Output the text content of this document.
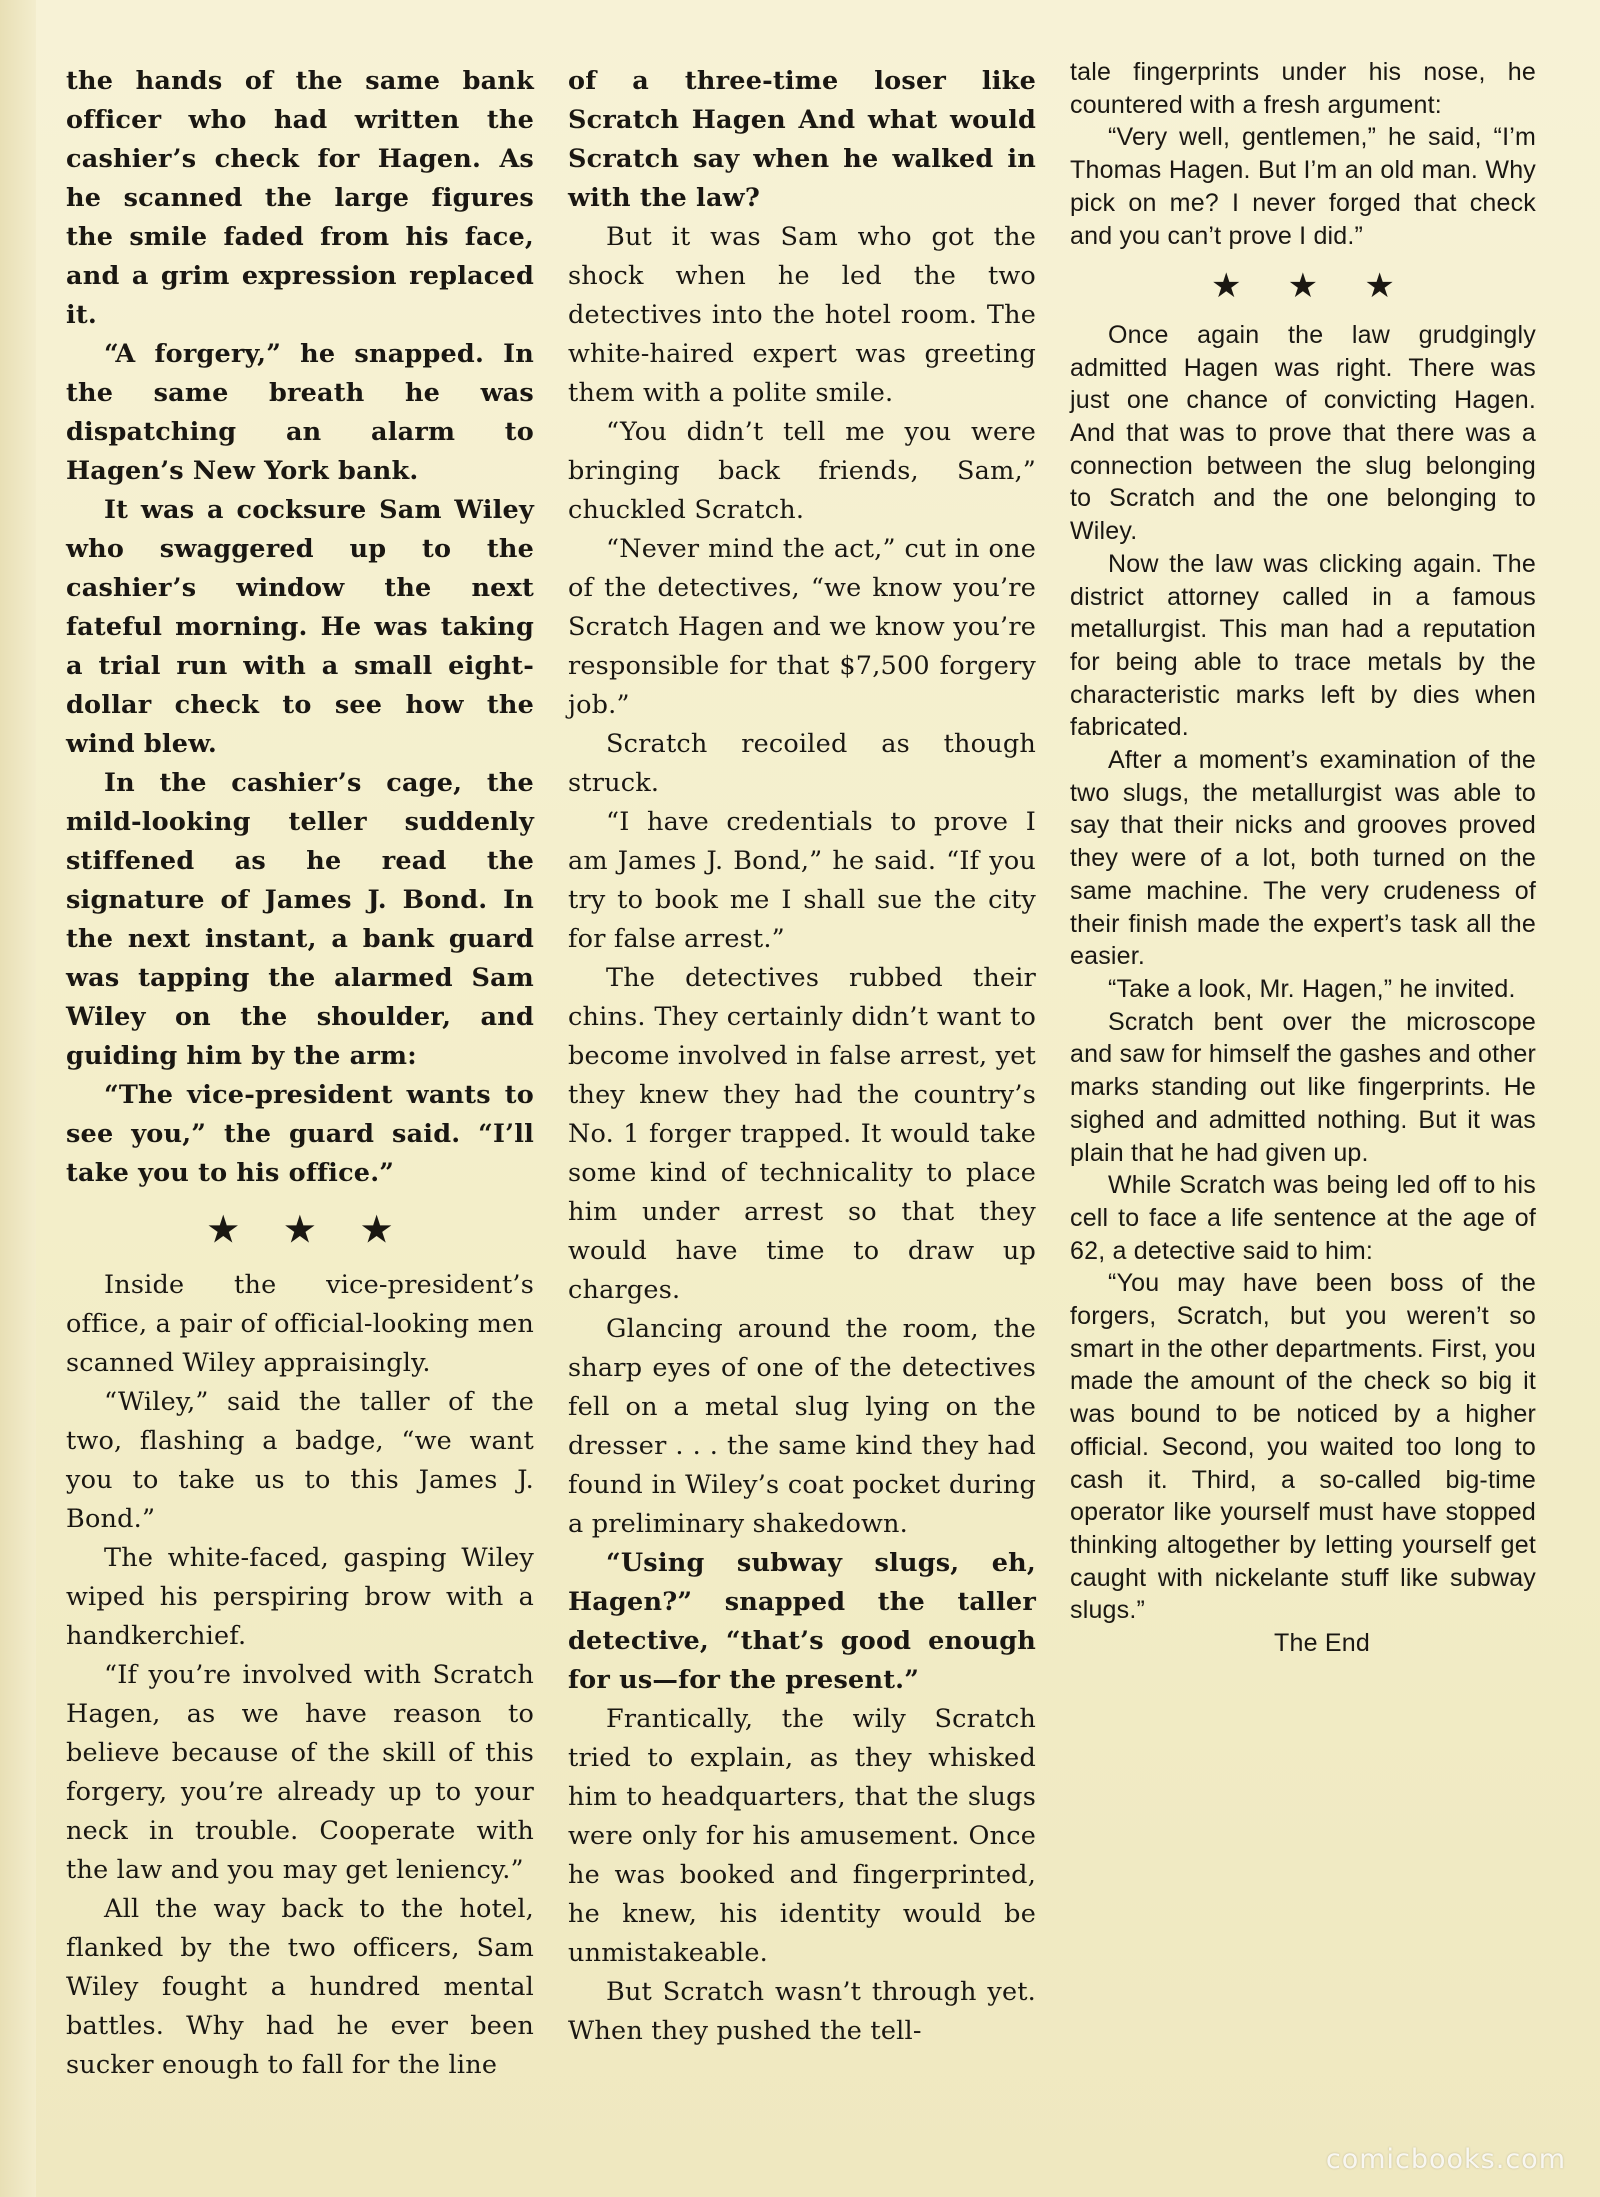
the hands of the same bank officer who had written the cashier’s check for Hagen. As he scanned the large figures the smile faded from his face, and a grim expression replaced it.

“A forgery,” he snapped. In the same breath he was dispatching an alarm to Hagen’s New York bank.

It was a cocksure Sam Wiley who swaggered up to the cashier’s window the next fateful morning. He was taking a trial run with a small eight-dollar check to see how the wind blew.

In the cashier’s cage, the mild-looking teller suddenly stiffened as he read the signature of James J. Bond. In the next instant, a bank guard was tapping the alarmed Sam Wiley on the shoulder, and guiding him by the arm:

“The vice-president wants to see you,” the guard said. “I’ll take you to his office.”

★ ★ ★

Inside the vice-president’s office, a pair of official-looking men scanned Wiley appraisingly.

“Wiley,” said the taller of the two, flashing a badge, “we want you to take us to this James J. Bond.”

The white-faced, gasping Wiley wiped his perspiring brow with a handkerchief.

“If you’re involved with Scratch Hagen, as we have reason to believe because of the skill of this forgery, you’re already up to your neck in trouble. Cooperate with the law and you may get leniency.”

All the way back to the hotel, flanked by the two officers, Sam Wiley fought a hundred mental battles. Why had he ever been sucker enough to fall for the line

of a three-time loser like Scratch Hagen And what would Scratch say when he walked in with the law?

But it was Sam who got the shock when he led the two detectives into the hotel room. The white-haired expert was greeting them with a polite smile.

“You didn’t tell me you were bringing back friends, Sam,” chuckled Scratch.

“Never mind the act,” cut in one of the detectives, “we know you’re Scratch Hagen and we know you’re responsible for that $7,500 forgery job.”

Scratch recoiled as though struck.

“I have credentials to prove I am James J. Bond,” he said. “If you try to book me I shall sue the city for false arrest.”

The detectives rubbed their chins. They certainly didn’t want to become involved in false arrest, yet they knew they had the country’s No. 1 forger trapped. It would take some kind of technicality to place him under arrest so that they would have time to draw up charges.

Glancing around the room, the sharp eyes of one of the detectives fell on a metal slug lying on the dresser . . . the same kind they had found in Wiley’s coat pocket during a preliminary shakedown.

“Using subway slugs, eh, Hagen?” snapped the taller detective, “that’s good enough for us—for the present.”

Frantically, the wily Scratch tried to explain, as they whisked him to headquarters, that the slugs were only for his amusement. Once he was booked and fingerprinted, he knew, his identity would be unmistakeable.

But Scratch wasn’t through yet. When they pushed the tell-

tale fingerprints under his nose, he countered with a fresh argument:

“Very well, gentlemen,” he said, “I’m Thomas Hagen. But I’m an old man. Why pick on me? I never forged that check and you can’t prove I did.”

★ ★ ★

Once again the law grudgingly admitted Hagen was right. There was just one chance of convicting Hagen. And that was to prove that there was a connection between the slug belonging to Scratch and the one belonging to Wiley.

Now the law was clicking again. The district attorney called in a famous metallurgist. This man had a reputation for being able to trace metals by the characteristic marks left by dies when fabricated.

After a moment’s examination of the two slugs, the metallurgist was able to say that their nicks and grooves proved they were of a lot, both turned on the same machine. The very crudeness of their finish made the expert’s task all the easier.

“Take a look, Mr. Hagen,” he invited.

Scratch bent over the microscope and saw for himself the gashes and other marks standing out like fingerprints. He sighed and admitted nothing. But it was plain that he had given up.

While Scratch was being led off to his cell to face a life sentence at the age of 62, a detective said to him:

“You may have been boss of the forgers, Scratch, but you weren’t so smart in the other departments. First, you made the amount of the check so big it was bound to be noticed by a higher official. Second, you waited too long to cash it. Third, a so-called big-time operator like yourself must have stopped thinking altogether by letting yourself get caught with nickelante stuff like subway slugs.”

The End

comicbooks.com
